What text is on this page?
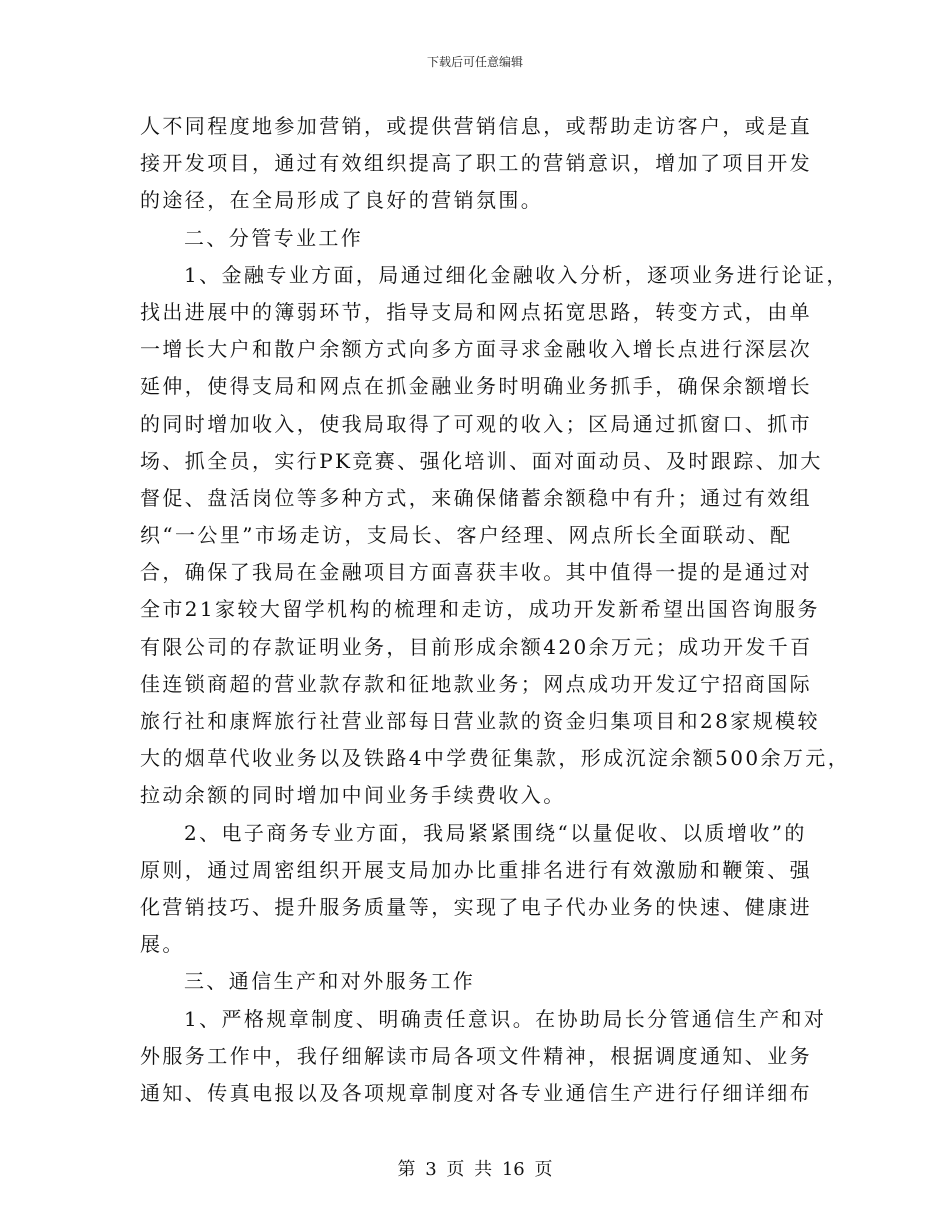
下载后可任意编辑
人不同程度地参加营销，或提供营销信息，或帮助走访客户，或是直
接开发项目，通过有效组织提高了职工的营销意识，增加了项目开发
的途径，在全局形成了良好的营销氛围。
二、分管专业工作
1、金融专业方面，局通过细化金融收入分析，逐项业务进行论证，
找出进展中的簿弱环节，指导支局和网点拓宽思路，转变方式，由单
一增长大户和散户余额方式向多方面寻求金融收入增长点进行深层次
延伸，使得支局和网点在抓金融业务时明确业务抓手，确保余额增长
的同时增加收入，使我局取得了可观的收入；区局通过抓窗口、抓市
场、抓全员，实行PK竞赛、强化培训、面对面动员、及时跟踪、加大
督促、盘活岗位等多种方式，来确保储蓄余额稳中有升；通过有效组
织“一公里”市场走访，支局长、客户经理、网点所长全面联动、配
合，确保了我局在金融项目方面喜获丰收。其中值得一提的是通过对
全市21家较大留学机构的梳理和走访，成功开发新希望出国咨询服务
有限公司的存款证明业务，目前形成余额420余万元；成功开发千百
佳连锁商超的营业款存款和征地款业务；网点成功开发辽宁招商国际
旅行社和康辉旅行社营业部每日营业款的资金归集项目和28家规模较
大的烟草代收业务以及铁路4中学费征集款，形成沉淀余额500余万元，
拉动余额的同时增加中间业务手续费收入。
2、电子商务专业方面，我局紧紧围绕“以量促收、以质增收”的
原则，通过周密组织开展支局加办比重排名进行有效激励和鞭策、强
化营销技巧、提升服务质量等，实现了电子代办业务的快速、健康进
展。
三、通信生产和对外服务工作
1、严格规章制度、明确责任意识。在协助局长分管通信生产和对
外服务工作中，我仔细解读市局各项文件精神，根据调度通知、业务
通知、传真电报以及各项规章制度对各专业通信生产进行仔细详细布
第 3 页 共 16 页
